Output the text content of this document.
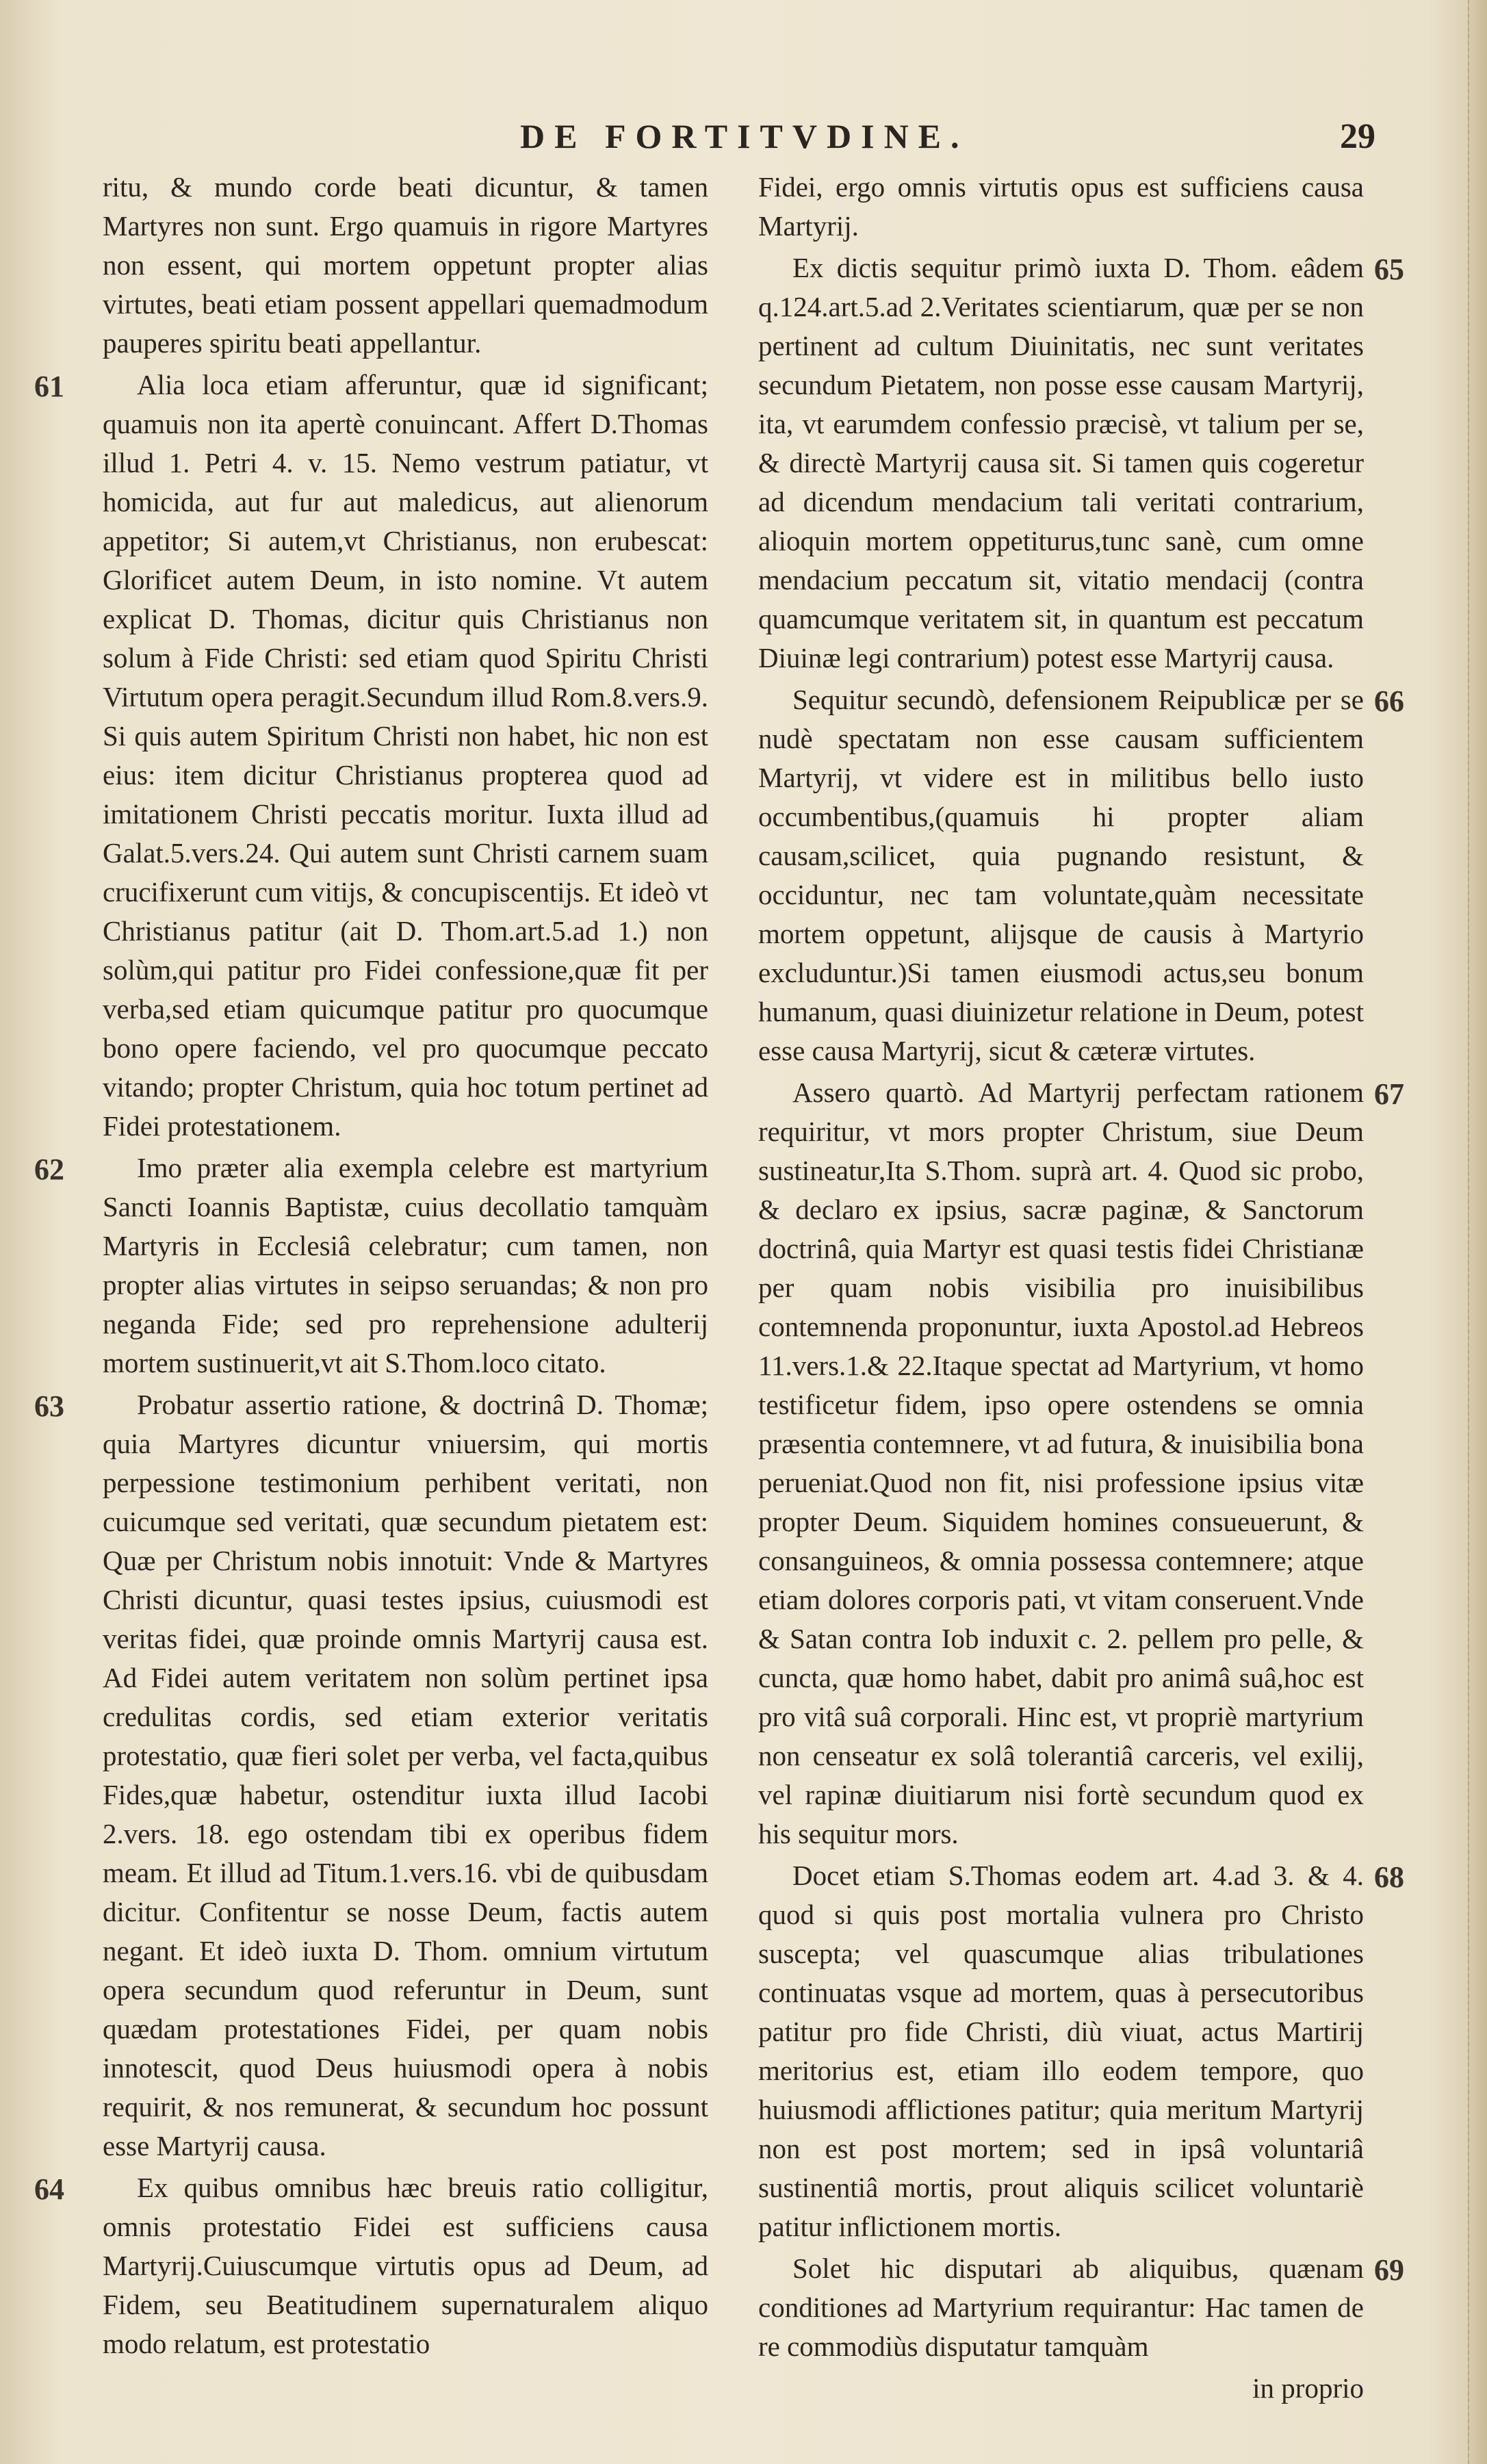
DE FORTITVDINE.	29

ritu, & mundo corde beati dicuntur, & tamen Martyres non sunt. Ergo quamuis in rigore Martyres non essent, qui mortem oppetunt propter alias virtutes, beati etiam possent appellari quemadmodum pauperes spiritu beati appellantur.

Alia loca etiam afferuntur, quæ id significant; quamuis non ita apertè conuincant. Affert D.Thomas illud 1. Petri 4. v. 15. Nemo vestrum patiatur, vt homicida, aut fur aut maledicus, aut alienorum appetitor; Si autem,vt Christianus, non erubescat: Glorificet autem Deum, in isto nomine. Vt autem explicat D. Thomas, dicitur quis Christianus non solum à Fide Christi: sed etiam quod Spiritu Christi Virtutum opera peragit.Secundum illud Rom.8.vers.9. Si quis autem Spiritum Christi non habet, hic non est eius: item dicitur Christianus propterea quod ad imitationem Christi peccatis moritur. Iuxta illud ad Galat.5.vers.24. Qui autem sunt Christi carnem suam crucifixerunt cum vitijs, & concupiscentijs. Et ideò vt Christianus patitur (ait D. Thom.art.5.ad 1.) non solùm,qui patitur pro Fidei confessione,quæ fit per verba,sed etiam quicumque patitur pro quocumque bono opere faciendo, vel pro quocumque peccato vitando; propter Christum, quia hoc totum pertinet ad Fidei protestationem.

61

Imo præter alia exempla celebre est martyrium Sancti Ioannis Baptistæ, cuius decollatio tamquàm Martyris in Ecclesiâ celebratur; cum tamen, non propter alias virtutes in seipso seruandas; & non pro neganda Fide; sed pro reprehensione adulterij mortem sustinuerit,vt ait S.Thom.loco citato.

62

Probatur assertio ratione, & doctrinâ D. Thomæ; quia Martyres dicuntur vniuersim, qui mortis perpessione testimonium perhibent veritati, non cuicumque sed veritati, quæ secundum pietatem est: Quæ per Christum nobis innotuit: Vnde & Martyres Christi dicuntur, quasi testes ipsius, cuiusmodi est veritas fidei, quæ proinde omnis Martyrij causa est. Ad Fidei autem veritatem non solùm pertinet ipsa credulitas cordis, sed etiam exterior veritatis protestatio, quæ fieri solet per verba, vel facta,quibus Fides,quæ habetur, ostenditur iuxta illud Iacobi 2.vers. 18. ego ostendam tibi ex operibus fidem meam. Et illud ad Titum.1.vers.16. vbi de quibusdam dicitur. Confitentur se nosse Deum, factis autem negant. Et ideò iuxta D. Thom. omnium virtutum opera secundum quod referuntur in Deum, sunt quædam protestationes Fidei, per quam nobis innotescit, quod Deus huiusmodi opera à nobis requirit, & nos remunerat, & secundum hoc possunt esse Martyrij causa.

63

Ex quibus omnibus hæc breuis ratio colligitur, omnis protestatio Fidei est sufficiens causa Martyrij.Cuiuscumque virtutis opus ad Deum, ad Fidem, seu Beatitudinem supernaturalem aliquo modo relatum, est protestatio

64

Fidei, ergo omnis virtutis opus est sufficiens causa Martyrij.

Ex dictis sequitur primò iuxta D. Thom. eâdem q.124.art.5.ad 2.Veritates scientiarum, quæ per se non pertinent ad cultum Diuinitatis, nec sunt veritates secundum Pietatem, non posse esse causam Martyrij, ita, vt earumdem confessio præcisè, vt talium per se, & directè Martyrij causa sit. Si tamen quis cogeretur ad dicendum mendacium tali veritati contrarium, alioquin mortem oppetiturus,tunc sanè, cum omne mendacium peccatum sit, vitatio mendacij (contra quamcumque veritatem sit, in quantum est peccatum Diuinæ legi contrarium) potest esse Martyrij causa.

65

Sequitur secundò, defensionem Reipublicæ per se nudè spectatam non esse causam sufficientem Martyrij, vt videre est in militibus bello iusto occumbentibus,(quamuis hi propter aliam causam,scilicet, quia pugnando resistunt, & occiduntur, nec tam voluntate,quàm necessitate mortem oppetunt, alijsque de causis à Martyrio excluduntur.)Si tamen eiusmodi actus,seu bonum humanum, quasi diuinizetur relatione in Deum, potest esse causa Martyrij, sicut & cæteræ virtutes.

66

Assero quartò. Ad Martyrij perfectam rationem requiritur, vt mors propter Christum, siue Deum sustineatur,Ita S.Thom. suprà art. 4. Quod sic probo, & declaro ex ipsius, sacræ paginæ, & Sanctorum doctrinâ, quia Martyr est quasi testis fidei Christianæ per quam nobis visibilia pro inuisibilibus contemnenda proponuntur, iuxta Apostol.ad Hebreos 11.vers.1.& 22.Itaque spectat ad Martyrium, vt homo testificetur fidem, ipso opere ostendens se omnia præsentia contemnere, vt ad futura, & inuisibilia bona perueniat.Quod non fit, nisi professione ipsius vitæ propter Deum. Siquidem homines consueuerunt, & consanguineos, & omnia possessa contemnere; atque etiam dolores corporis pati, vt vitam conseruent.Vnde & Satan contra Iob induxit c. 2. pellem pro pelle, & cuncta, quæ homo habet, dabit pro animâ suâ,hoc est pro vitâ suâ corporali. Hinc est, vt propriè martyrium non censeatur ex solâ tolerantiâ carceris, vel exilij, vel rapinæ diuitiarum nisi fortè secundum quod ex his sequitur mors.

67

Docet etiam S.Thomas eodem art. 4.ad 3. & 4. quod si quis post mortalia vulnera pro Christo suscepta; vel quascumque alias tribulationes continuatas vsque ad mortem, quas à persecutoribus patitur pro fide Christi, diù viuat, actus Martirij meritorius est, etiam illo eodem tempore, quo huiusmodi afflictiones patitur; quia meritum Martyrij non est post mortem; sed in ipsâ voluntariâ sustinentiâ mortis, prout aliquis scilicet voluntariè patitur inflictionem mortis.

68

Solet hic disputari ab aliquibus, quænam conditiones ad Martyrium requirantur: Hac tamen de re commodiùs disputatur tamquàm

69

in proprio
